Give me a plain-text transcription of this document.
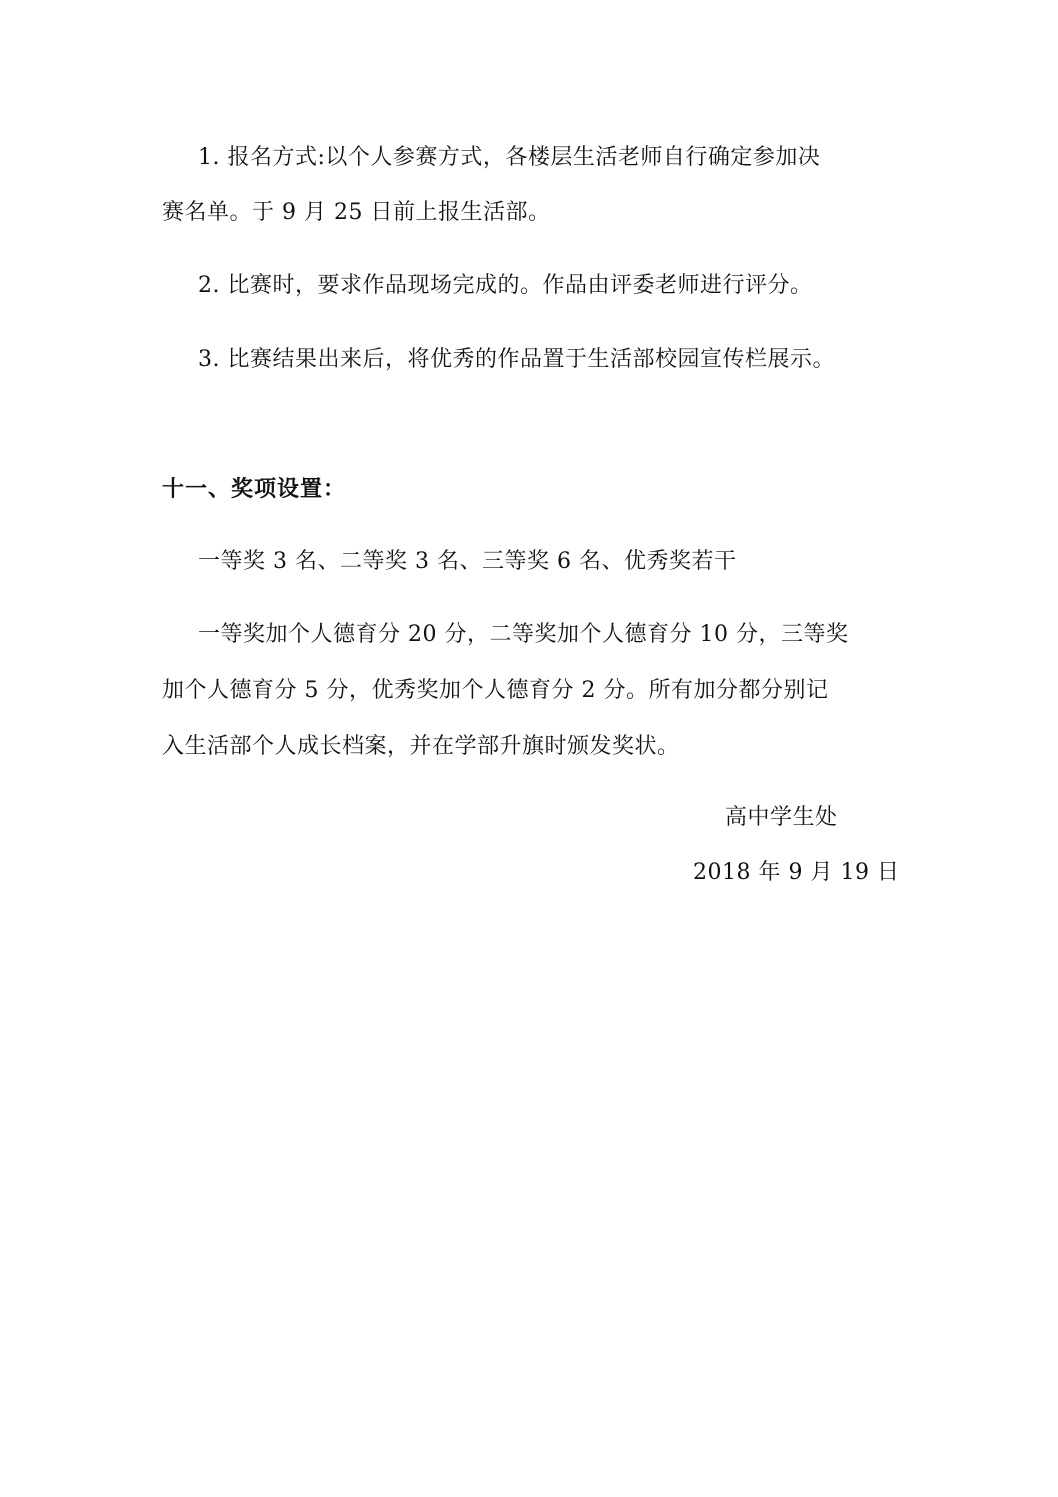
1. 报名方式:以个人参赛方式，各楼层生活老师自行确定参加决
赛名单。于 9 月 25 日前上报生活部。
2. 比赛时，要求作品现场完成的。作品由评委老师进行评分。
3. 比赛结果出来后，将优秀的作品置于生活部校园宣传栏展示。
十一、奖项设置：
一等奖 3 名、二等奖 3 名、三等奖 6 名、优秀奖若干
一等奖加个人德育分 20 分，二等奖加个人德育分 10 分，三等奖
加个人德育分 5 分，优秀奖加个人德育分 2 分。所有加分都分别记
入生活部个人成长档案，并在学部升旗时颁发奖状。
高中学生处
2018 年 9 月 19 日
